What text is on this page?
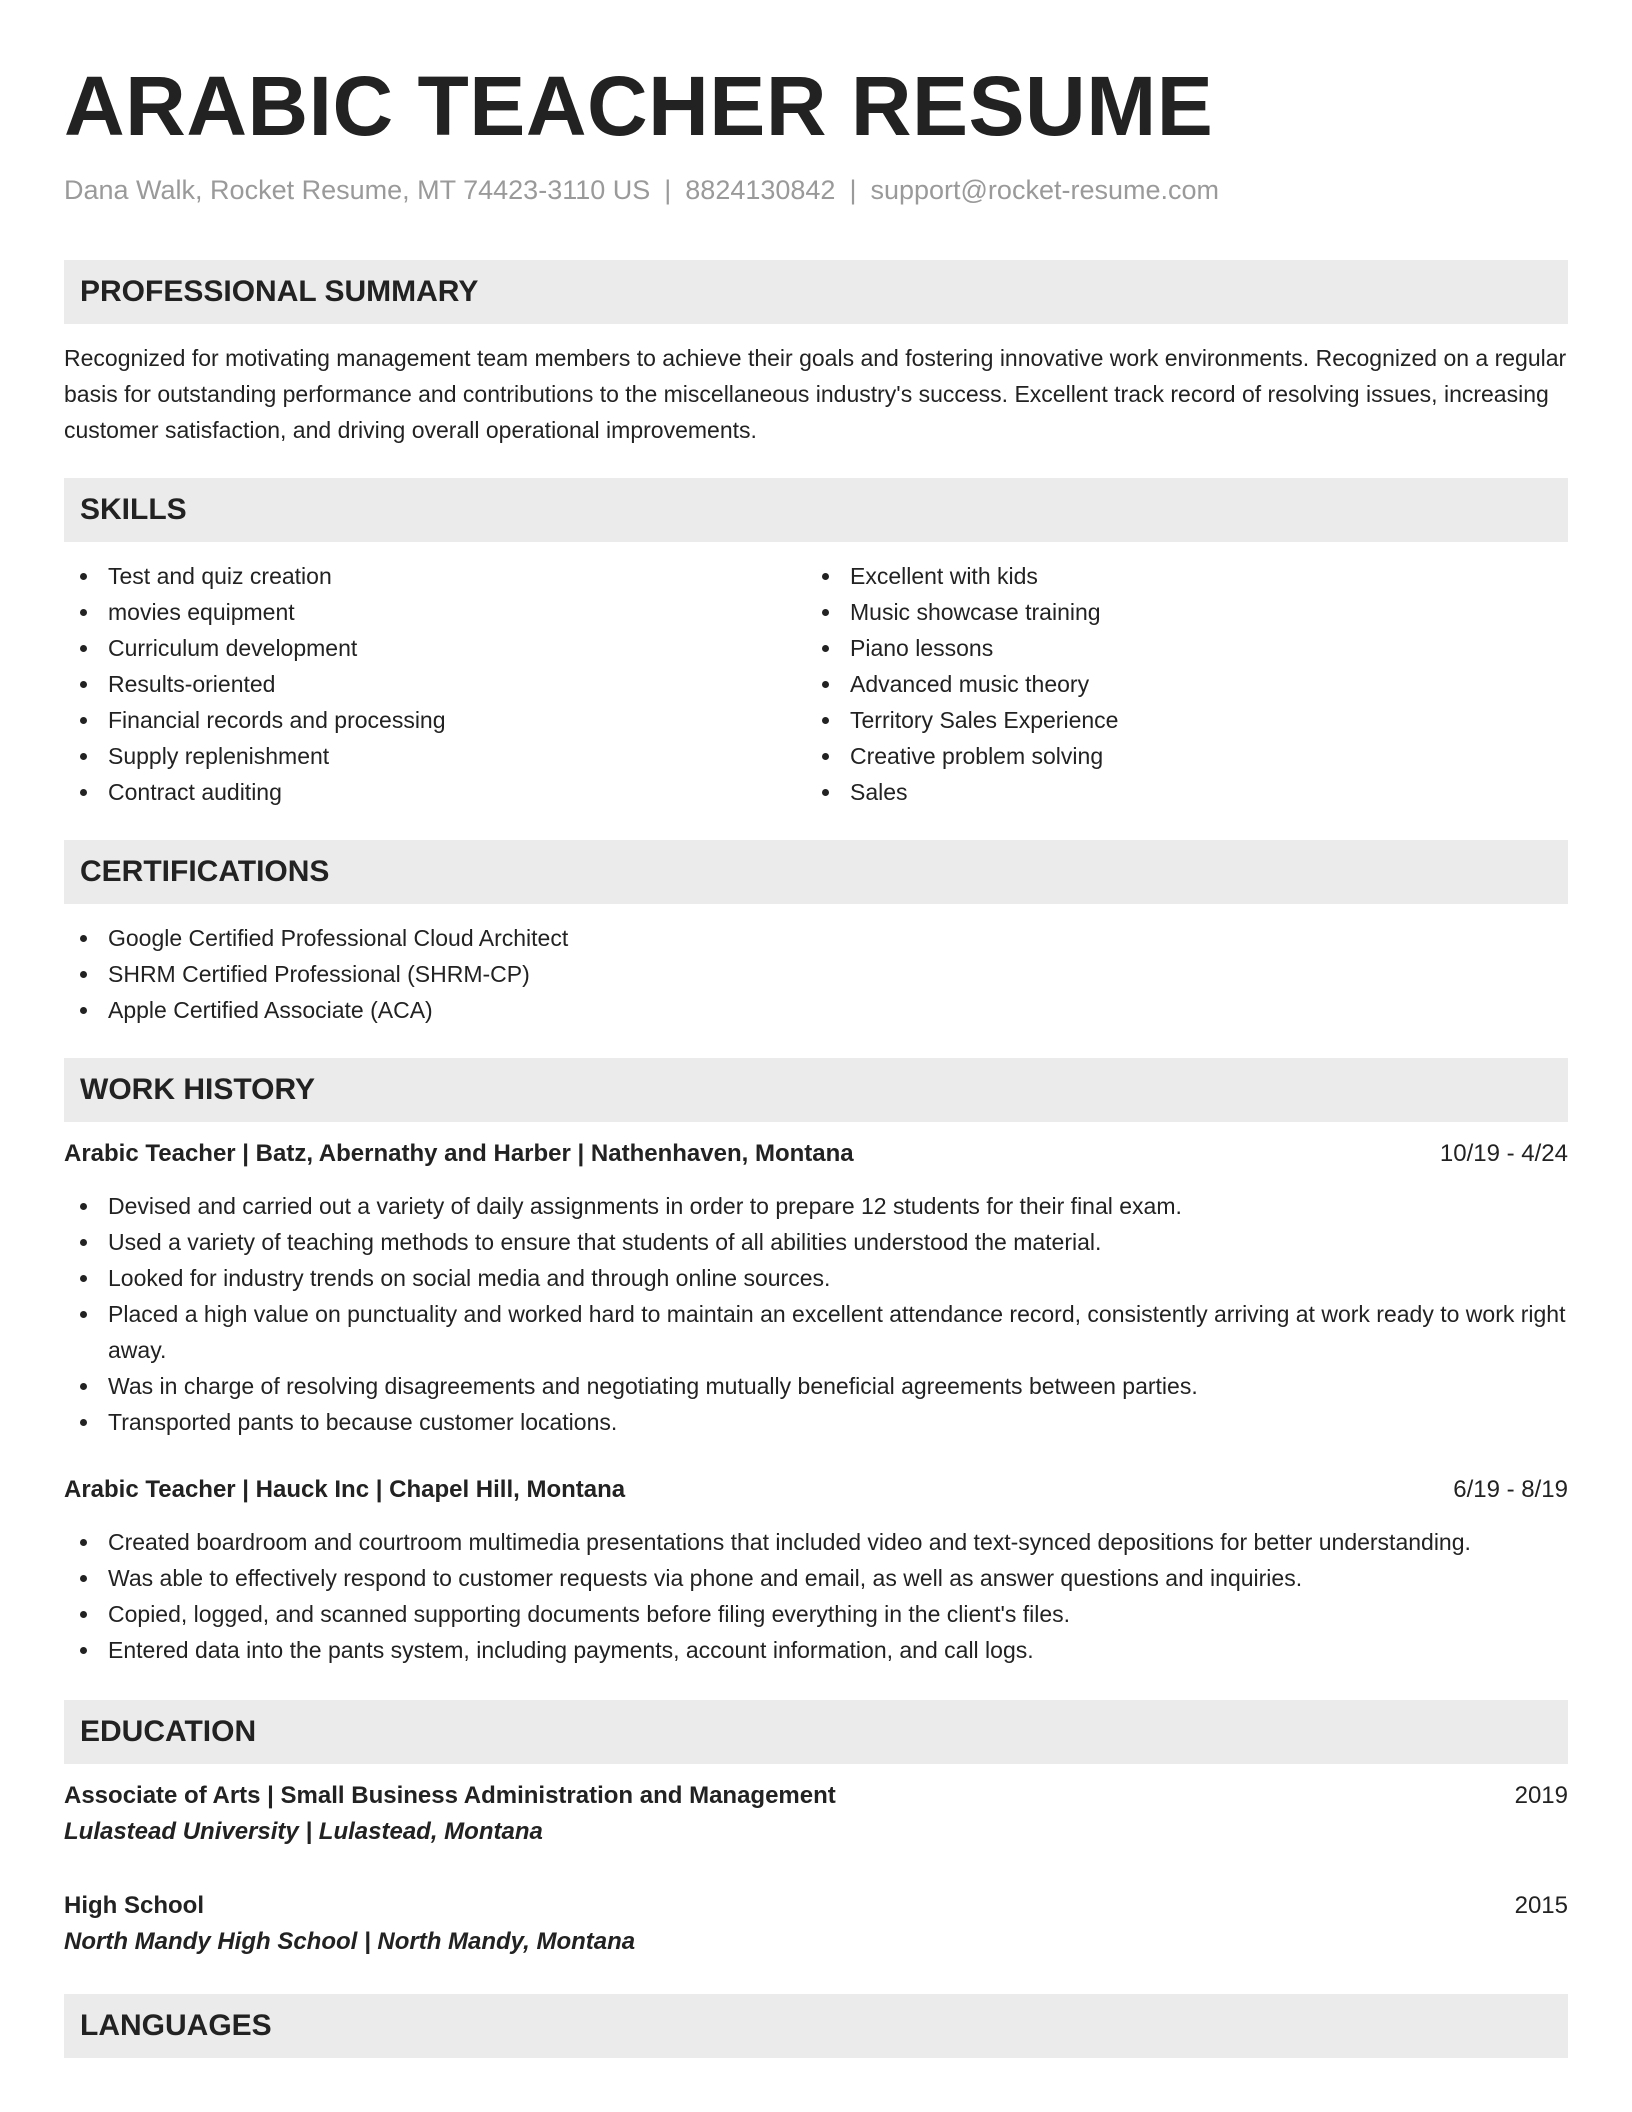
ARABIC TEACHER RESUME
Dana Walk, Rocket Resume, MT 74423-3110 US | 8824130842 | support@rocket-resume.com
PROFESSIONAL SUMMARY

Recognized for motivating management team members to achieve their goals and fostering innovative work environments. Recognized on a regular basis for outstanding performance and contributions to the miscellaneous industry's success. Excellent track record of resolving issues, increasing customer satisfaction, and driving overall operational improvements.

SKILLS
Test and quiz creation
movies equipment
Curriculum development
Results-oriented
Financial records and processing
Supply replenishment
Contract auditing
Excellent with kids
Music showcase training
Piano lessons
Advanced music theory
Territory Sales Experience
Creative problem solving
Sales
CERTIFICATIONS
Google Certified Professional Cloud Architect
SHRM Certified Professional (SHRM-CP)
Apple Certified Associate (ACA)
WORK HISTORY
Arabic Teacher | Batz, Abernathy and Harber | Nathenhaven, Montana	10/19 - 4/24
Devised and carried out a variety of daily assignments in order to prepare 12 students for their final exam.
Used a variety of teaching methods to ensure that students of all abilities understood the material.
Looked for industry trends on social media and through online sources.
Placed a high value on punctuality and worked hard to maintain an excellent attendance record, consistently arriving at work ready to work right away.
Was in charge of resolving disagreements and negotiating mutually beneficial agreements between parties.
Transported pants to because customer locations.
Arabic Teacher | Hauck Inc | Chapel Hill, Montana	6/19 - 8/19
Created boardroom and courtroom multimedia presentations that included video and text-synced depositions for better understanding.
Was able to effectively respond to customer requests via phone and email, as well as answer questions and inquiries.
Copied, logged, and scanned supporting documents before filing everything in the client's files.
Entered data into the pants system, including payments, account information, and call logs.
EDUCATION
Associate of Arts | Small Business Administration and Management	2019
Lulastead University | Lulastead, Montana
High School	2015
North Mandy High School | North Mandy, Montana
LANGUAGES
